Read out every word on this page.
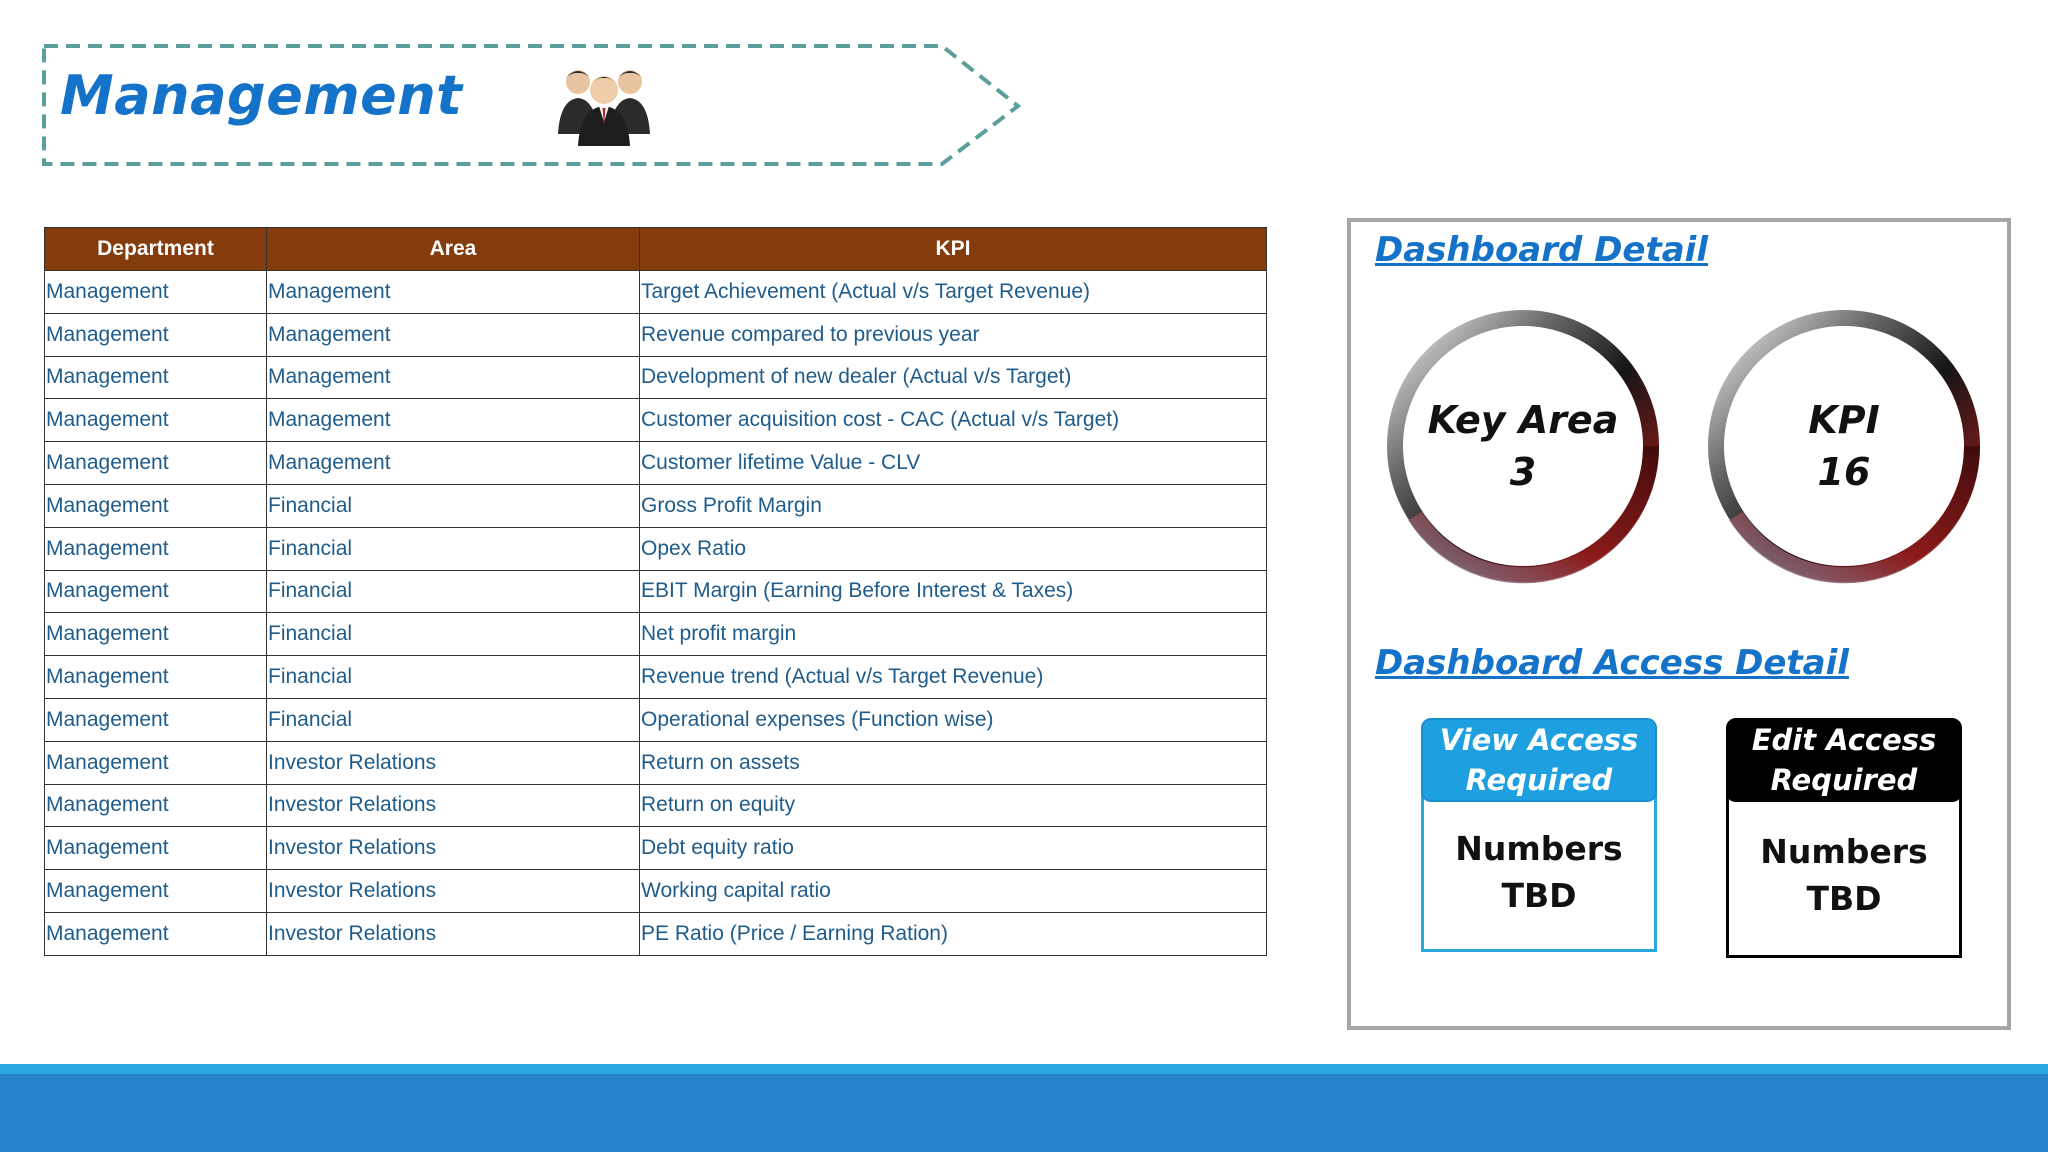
Management
Department	Area	KPI
Management	Management	Target Achievement (Actual v/s Target Revenue)
Management	Management	Revenue compared to previous year
Management	Management	Development of new dealer (Actual v/s Target)
Management	Management	Customer acquisition cost - CAC (Actual v/s Target)
Management	Management	Customer lifetime Value - CLV
Management	Financial	Gross Profit Margin
Management	Financial	Opex Ratio
Management	Financial	EBIT Margin (Earning Before Interest & Taxes)
Management	Financial	Net profit margin
Management	Financial	Revenue trend (Actual v/s Target Revenue)
Management	Financial	Operational expenses (Function wise)
Management	Investor Relations	Return on assets
Management	Investor Relations	Return on equity
Management	Investor Relations	Debt equity ratio
Management	Investor Relations	Working capital ratio
Management	Investor Relations	PE Ratio (Price / Earning Ration)
Dashboard Detail
Key Area
3
KPI
16
Dashboard Access Detail
View Access
Required
Numbers
TBD
Edit Access
Required
Numbers
TBD
